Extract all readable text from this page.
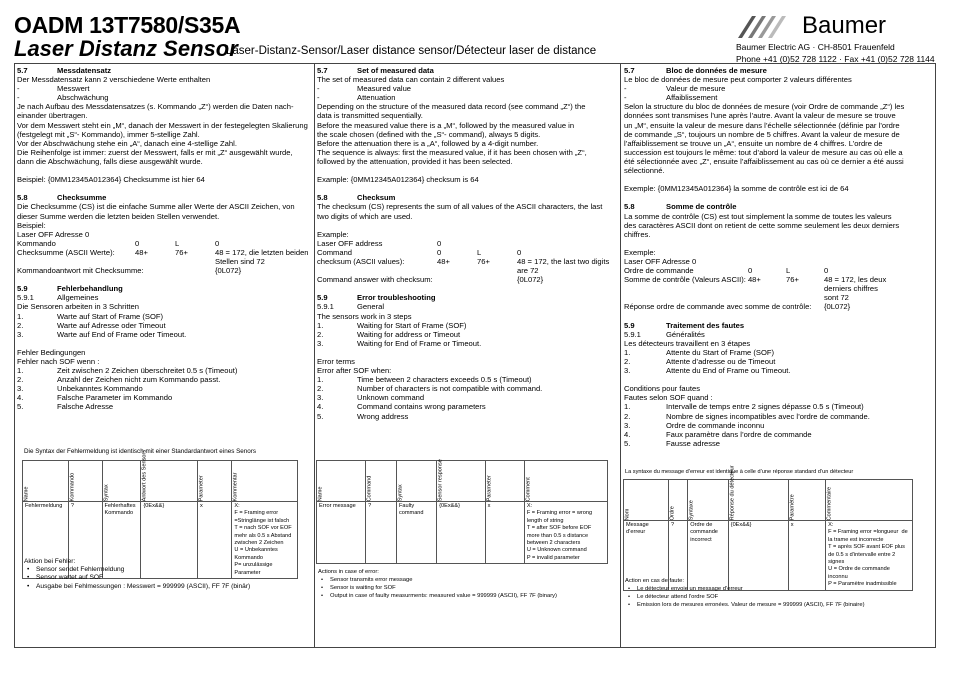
OADM 13T7580/S35A
Laser Distanz Sensor
Laser-Distanz-Sensor/Laser distance sensor/Détecteur laser de distance
Baumer
Baumer Electric AG · CH-8501 Frauenfeld
Phone +41 (0)52 728 1122 · Fax +41 (0)52 728 1144
5.7	Messdatensatz
Der Messdatensatz kann 2 verschiedene Werte enthalten
-	Messwert
-	Abschwächung
Je nach Aufbau des Messdatensatzes (s. Kommando „Z“) werden die Daten nach-
einander übertragen.
Vor dem Messwert steht ein „M“, danach der Messwert in der festegelegten Skalierung
(festgelegt mit „S“- Kommando), immer 5-stellige Zahl.
Vor der Abschwächung stehe ein „A“, danach eine 4-stellige Zahl.
Die Reihenfolge ist immer: zuerst der Messwert, falls er mit „Z“ ausgewählt wurde,
dann die Abschwächung, falls diese ausgewählt wurde.
Beispiel: {0MM12345A012364} Checksumme ist hier 64
5.8	Checksumme
Die Checksumme (CS) ist die einfache Summe aller Werte der ASCII Zeichen, von
dieser Summe werden die letzten beiden Stellen verwendet.
Beispiel:
Laser OFF Adresse 0
Kommando	0	L	0
Checksumme (ASCII Werte):	48+	76+	48 = 172, die letzten beiden
Stellen sind 72
Kommandoantwort mit Checksumme:	{0L072}
5.9	Fehlerbehandlung
5.9.1	Allgemeines
Die Sensoren arbeiten in 3 Schritten
1.	Warte auf Start of Frame (SOF)
2.	Warte auf Adresse oder Timeout
3.	Warte auf End of Frame oder Timeout.
Fehler Bedingungen
Fehler nach SOF wenn :
1.	Zeit zwischen 2 Zeichen überschreitet 0.5 s (Timeout)
2.	Anzahl der Zeichen nicht zum Kommando passt.
3.	Unbekanntes Kommando
4.	Falsche Parameter im Kommando
5.	Falsche Adresse
5.7	Set of measured data
The set of measured data can contain 2 different values
-	Measured value
-	Attenuation
Depending on the structure of the measured data record (see command „Z“) the
data is transmitted sequentially.
Before the measured value there is a „M“, followed by the measured value in
the scale chosen (defined with the „S“- command), always 5 digits.
Before the attenuation there is a „A“, followed by a 4-digit number.
The sequence is always: first the measured value, if it has been chosen with „Z“,
followed by the attenuation, provided it has been selected.
Example: {0MM12345A012364} checksum is 64
5.8	Checksum
The checksum (CS) represents the sum of all values of the ASCII characters, the last
two digits of which are used.
Example:
Laser OFF address	0
Command	0	L	0
checksum (ASCII values):	48+	76+	48 = 172, the last two digits
are 72
Command answer with checksum:	{0L072}
5.9	Error troubleshooting
5.9.1	General
The sensors work in 3 steps
1.	Waiting for Start of Frame (SOF)
2.	Waiting for address or Timeout
3.	Waiting for End of Frame or Timeout.
Error terms
Error after SOF when:
1.	Time between 2 characters exceeds 0.5 s (Timeout)
2.	Number of characters is not compatible with command.
3.	Unknown command
4.	Command contains wrong parameters
5.	Wrong address
5.7	Bloc de données de mesure
Le bloc de données de mesure peut comporter 2 valeurs différentes
-	Valeur de mesure
-	Affaiblissement
Selon la structure du bloc de données de mesure (voir Ordre de commande „Z“) les
données sont transmises l’une après l’autre. Avant la valeur de mesure se trouve
un „M“, ensuite la valeur de mesure dans l’échelle sélectionnée (définie par l’ordre
de commande „S“, toujours un nombre de 5 chiffres. Avant la valeur de mesure de
l’affaiblissement se trouve un „A“, ensuite un nombre de 4 chiffres. L’ordre de
succession est toujours le même: tout d’abord la valeur de mesure au cas où elle a
été sélectionnée avec „Z“, ensuite l’affaiblissement au cas où ce dernier a été aussi
sélectionné.
Exemple: {0MM12345A012364} la somme de contrôle est ici de 64
5.8	Somme de contrôle
La somme de contrôle (CS) est tout simplement la somme de toutes les valeurs
des caractères ASCII dont on retient de cette somme seulement les deux derniers
chiffres.
Exemple:
Laser OFF Adresse 0
Ordre de commande	0	L	0
Somme de contrôle (Valeurs ASCII): 48+	76+	48 = 172, les deux
derniers chiffres
sont 72
Réponse ordre de commande avec somme de contrôle: {0L072}
5.9	Traitement des fautes
5.9.1	Généralités
Les détecteurs travaillent en 3 étapes
1.	Attente du Start of Frame (SOF)
2.	Attente d’adresse ou de Timeout
3.	Attente du End of Frame ou Timeout.
Conditions pour fautes
Fautes selon SOF quand :
1.	Intervalle de temps entre 2 signes dépasse 0.5 s (Timeout)
2.	Nombre de signes incompatibles avec l’ordre de commande.
3.	Ordre de commande inconnu
4.	Faux paramètre dans l’ordre de commande
5.	Fausse adresse
Die Syntax der Fehlermeldung ist identisch mit einer Standardantwort eines Senors
Name	Kommando	Syntax	Antwort des Sensors	Parameter	Kommentar
Fehlermeldung	?	Fehlerhaftes Kommando	{0Ex&&}	x	X:
F = Framing error =Stringlänge ist falsch
T = nach SOF vor EOF mehr als 0.5 s Abstand zwischen 2 Zeichen
U = Unbekanntes Kommando
P= unzulässige Parameter
Aktion bei Fehler:
• Sensor sendet Fehlermeldung
• Sensor wartet auf SOF
• Ausgabe bei Fehlmessungen : Messwert = 999999 (ASCII), FF 7F (binär)
Name	Command	Syntax	Sensor response	Parameter	Comment
Error message	?	Faulty command	{0Ex&&}	x	X:
F = Framing error = wrong length of string
T = after SOF before EOF more than 0.5 s distance between 2 characters
U = Unknown command
P = invalid parameter
Actions in case of error:
• Sensor transmits error message
• Sensor is waiting for SOF
• Output in case of faulty measurments: measured value = 999999 (ASCII), FF 7F (binary)
La syntaxe du message d’erreur est identique à celle d’une réponse standard d’un détecteur
Nom	Ordre	Syntaxe	Réponse du détecteur	Paramètre	Commentaire
Message d’erreur	?	Ordre de commande incorrect	{0Ex&&}	x	X:
F = Framing error =longueur  de la trame est incorrecte
T = après SOF avant EOF plus de 0.5 s d’intervalle entre 2 signes
U = Ordre de commande inconnu
P = Paramètre inadmissible
Action en cas de faute:
• Le détecteur envoie un message d’erreur
• Le détecteur attend l’ordre SOF
• Emission lors de mesures erronées. Valeur de mesure = 999999 (ASCII), FF 7F (binaire)
